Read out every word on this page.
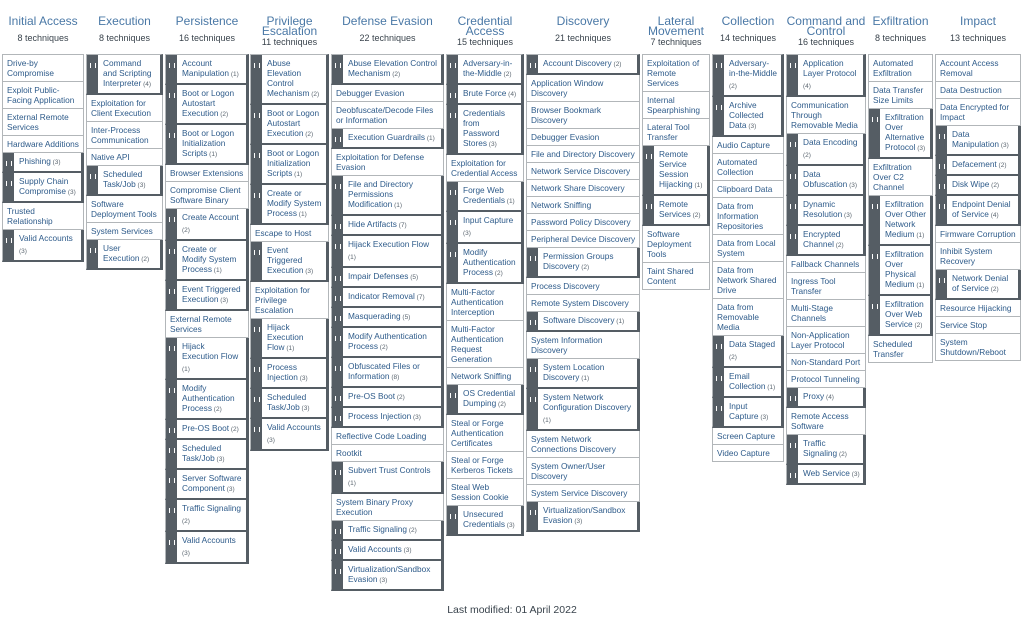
Initial Access
8 techniques
Drive-by Compromise
Exploit Public-Facing Application
External Remote Services
Hardware Additions
Phishing (3)
Supply Chain Compromise (3)
Trusted Relationship
Valid Accounts (3)
Execution
8 techniques
Command and Scripting Interpreter (4)
Exploitation for Client Execution
Inter-Process Communication
Native API
Scheduled Task/Job (3)
Software Deployment Tools
System Services
User Execution (2)
Persistence
16 techniques
Account Manipulation (1)
Boot or Logon Autostart Execution (2)
Boot or Logon Initialization Scripts (1)
Browser Extensions
Compromise Client Software Binary
Create Account (2)
Create or Modify System Process (1)
Event Triggered Execution (3)
External Remote Services
Hijack Execution Flow (1)
Modify Authentication Process (2)
Pre-OS Boot (2)
Scheduled Task/Job (3)
Server Software Component (3)
Traffic Signaling (2)
Valid Accounts (3)
Privilege Escalation
11 techniques
Abuse Elevation Control Mechanism (2)
Boot or Logon Autostart Execution (2)
Boot or Logon Initialization Scripts (1)
Create or Modify System Process (1)
Escape to Host
Event Triggered Execution (3)
Exploitation for Privilege Escalation
Hijack Execution Flow (1)
Process Injection (3)
Scheduled Task/Job (3)
Valid Accounts (3)
Defense Evasion
22 techniques
Abuse Elevation Control Mechanism (2)
Debugger Evasion
Deobfuscate/Decode Files or Information
Execution Guardrails (1)
Exploitation for Defense Evasion
File and Directory Permissions Modification (1)
Hide Artifacts (7)
Hijack Execution Flow (1)
Impair Defenses (5)
Indicator Removal (7)
Masquerading (5)
Modify Authentication Process (2)
Obfuscated Files or Information (8)
Pre-OS Boot (2)
Process Injection (3)
Reflective Code Loading
Rootkit
Subvert Trust Controls (1)
System Binary Proxy Execution
Traffic Signaling (2)
Valid Accounts (3)
Virtualization/Sandbox Evasion (3)
Credential Access
15 techniques
Adversary-in-the-Middle (2)
Brute Force (4)
Credentials from Password Stores (3)
Exploitation for Credential Access
Forge Web Credentials (1)
Input Capture (3)
Modify Authentication Process (2)
Multi-Factor Authentication Interception
Multi-Factor Authentication Request Generation
Network Sniffing
OS Credential Dumping (2)
Steal or Forge Authentication Certificates
Steal or Forge Kerberos Tickets
Steal Web Session Cookie
Unsecured Credentials (3)
Discovery
21 techniques
Account Discovery (2)
Application Window Discovery
Browser Bookmark Discovery
Debugger Evasion
File and Directory Discovery
Network Service Discovery
Network Share Discovery
Network Sniffing
Password Policy Discovery
Peripheral Device Discovery
Permission Groups Discovery (2)
Process Discovery
Remote System Discovery
Software Discovery (1)
System Information Discovery
System Location Discovery (1)
System Network Configuration Discovery (1)
System Network Connections Discovery
System Owner/User Discovery
System Service Discovery
Virtualization/Sandbox Evasion (3)
Lateral Movement
7 techniques
Exploitation of Remote Services
Internal Spearphishing
Lateral Tool Transfer
Remote Service Session Hijacking (1)
Remote Services (2)
Software Deployment Tools
Taint Shared Content
Collection
14 techniques
Adversary-in-the-Middle (2)
Archive Collected Data (3)
Audio Capture
Automated Collection
Clipboard Data
Data from Information Repositories
Data from Local System
Data from Network Shared Drive
Data from Removable Media
Data Staged (2)
Email Collection (1)
Input Capture (3)
Screen Capture
Video Capture
Command and Control
16 techniques
Application Layer Protocol (4)
Communication Through Removable Media
Data Encoding (2)
Data Obfuscation (3)
Dynamic Resolution (3)
Encrypted Channel (2)
Fallback Channels
Ingress Tool Transfer
Multi-Stage Channels
Non-Application Layer Protocol
Non-Standard Port
Protocol Tunneling
Proxy (4)
Remote Access Software
Traffic Signaling (2)
Web Service (3)
Exfiltration
8 techniques
Automated Exfiltration
Data Transfer Size Limits
Exfiltration Over Alternative Protocol (3)
Exfiltration Over C2 Channel
Exfiltration Over Other Network Medium (1)
Exfiltration Over Physical Medium (1)
Exfiltration Over Web Service (2)
Scheduled Transfer
Impact
13 techniques
Account Access Removal
Data Destruction
Data Encrypted for Impact
Data Manipulation (3)
Defacement (2)
Disk Wipe (2)
Endpoint Denial of Service (4)
Firmware Corruption
Inhibit System Recovery
Network Denial of Service (2)
Resource Hijacking
Service Stop
System Shutdown/Reboot
Last modified: 01 April 2022
